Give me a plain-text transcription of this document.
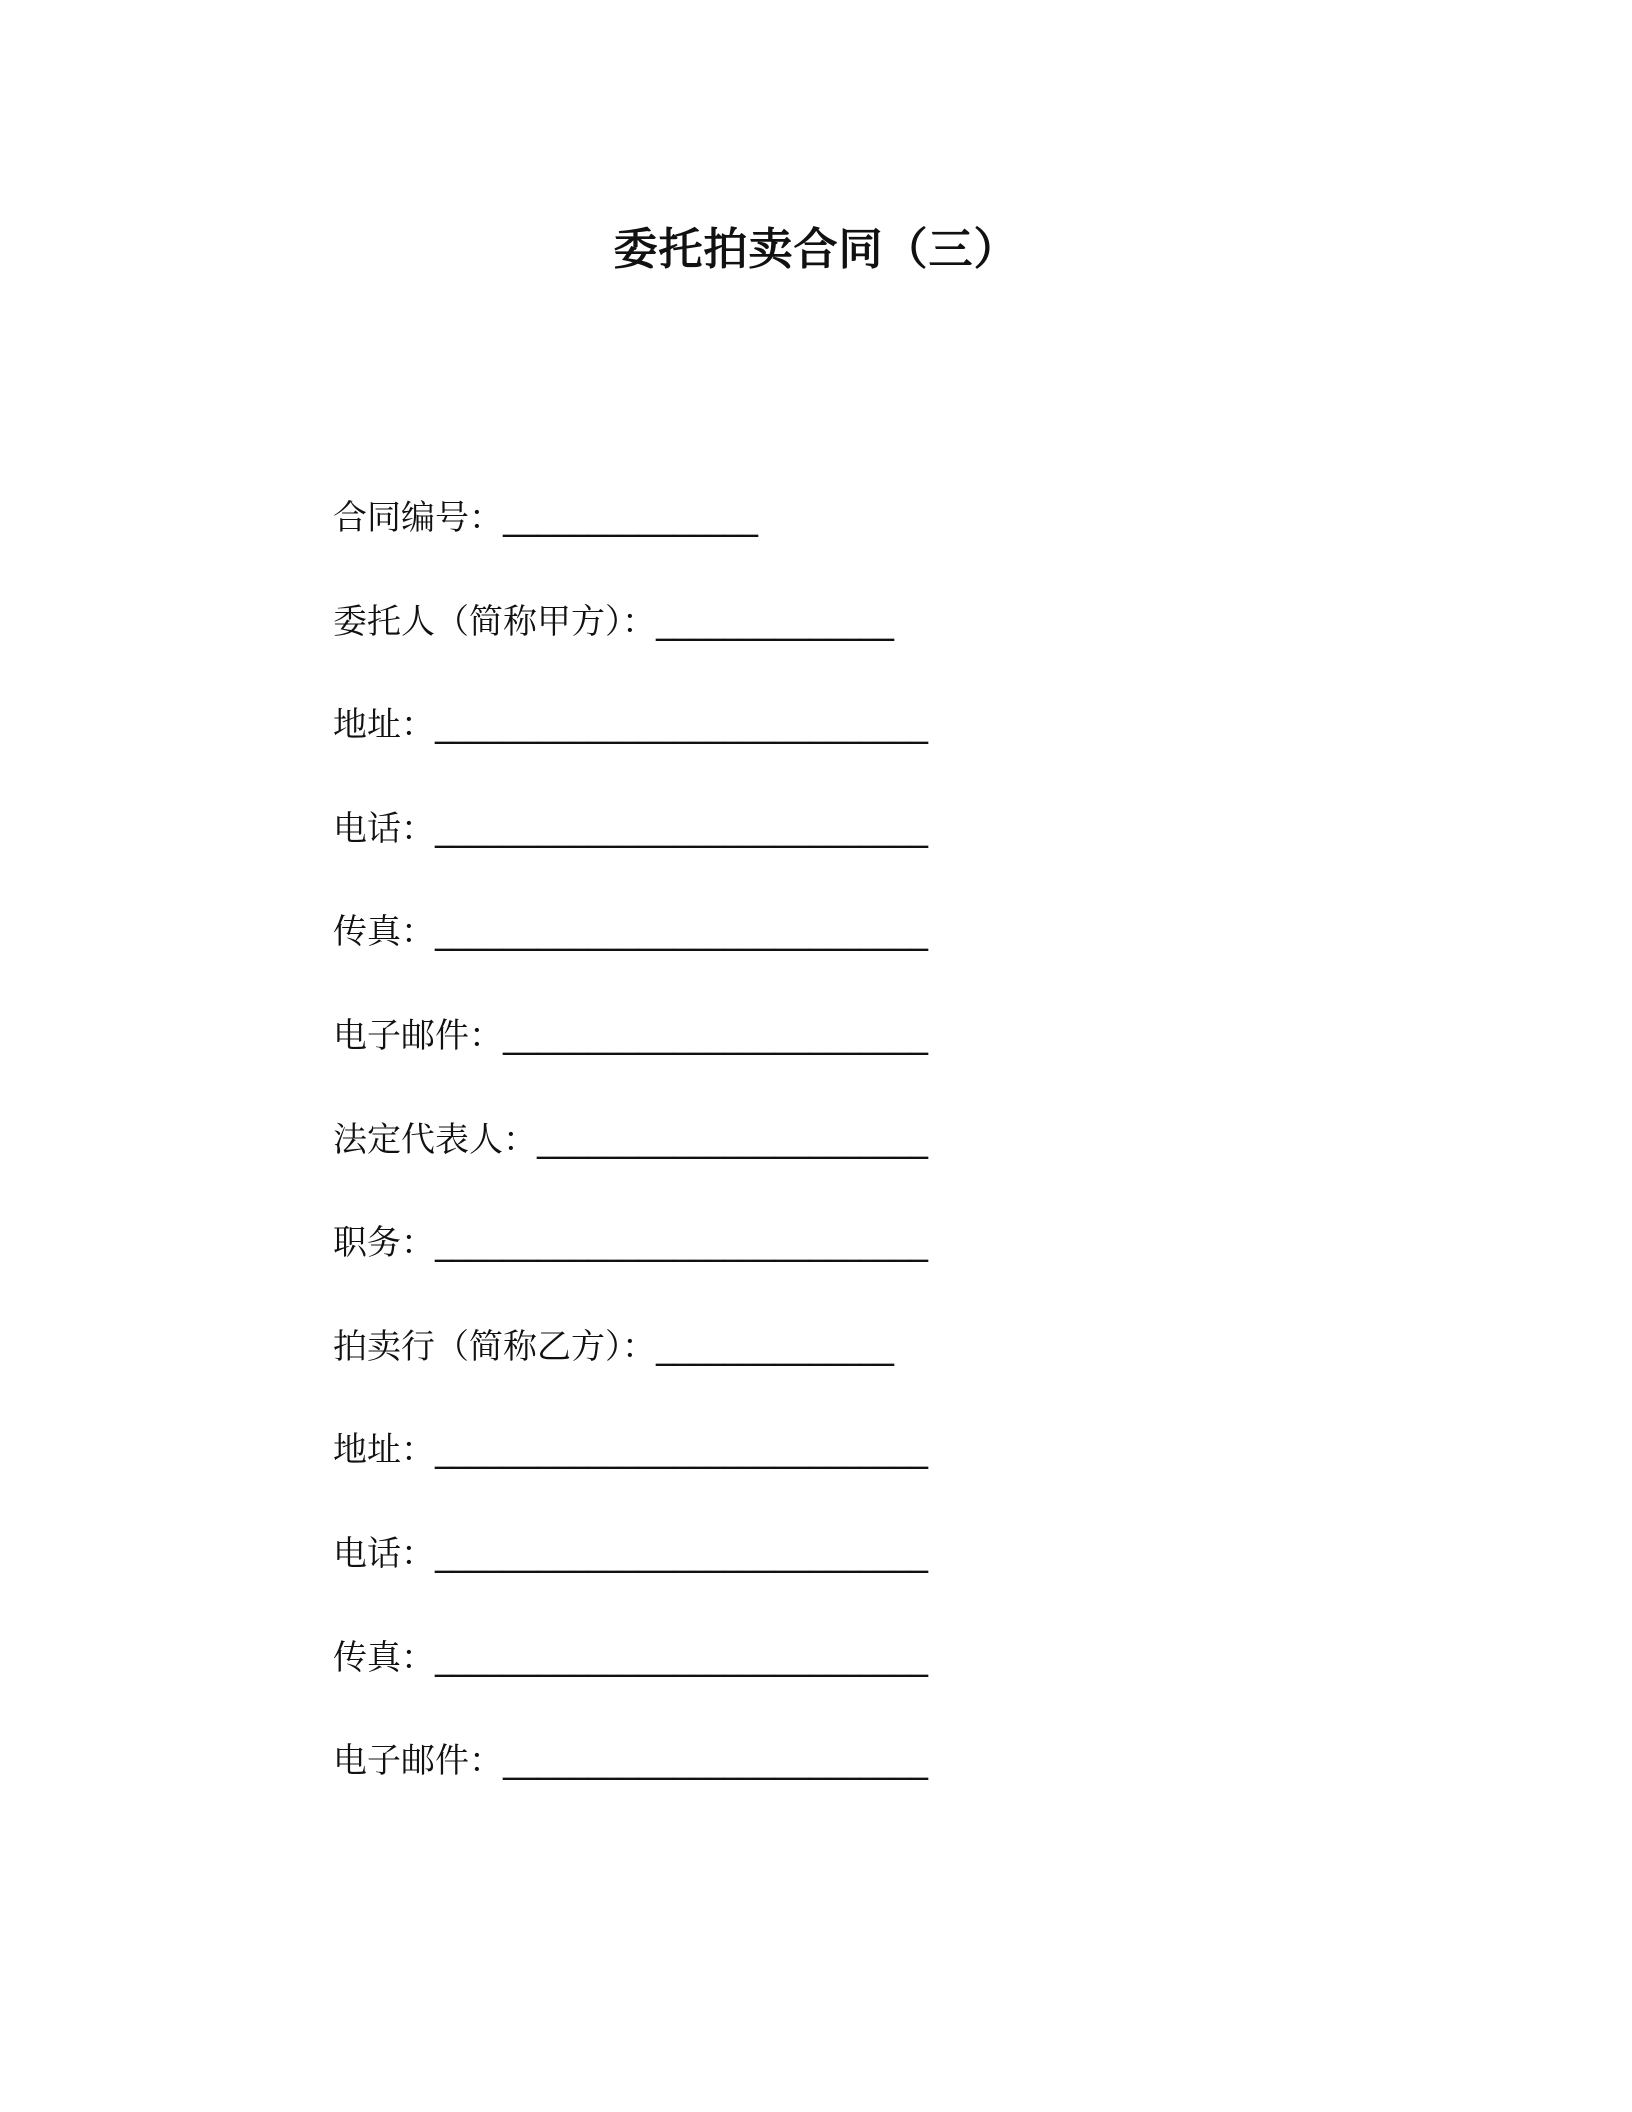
委托拍卖合同（三）
合同编号：_______________
委托人（简称甲方）：______________
地址：_____________________________
电话：_____________________________
传真：_____________________________
电子邮件：_________________________
法定代表人：_______________________
职务：_____________________________
拍卖行（简称乙方）：______________
地址：_____________________________
电话：_____________________________
传真：_____________________________
电子邮件：_________________________
